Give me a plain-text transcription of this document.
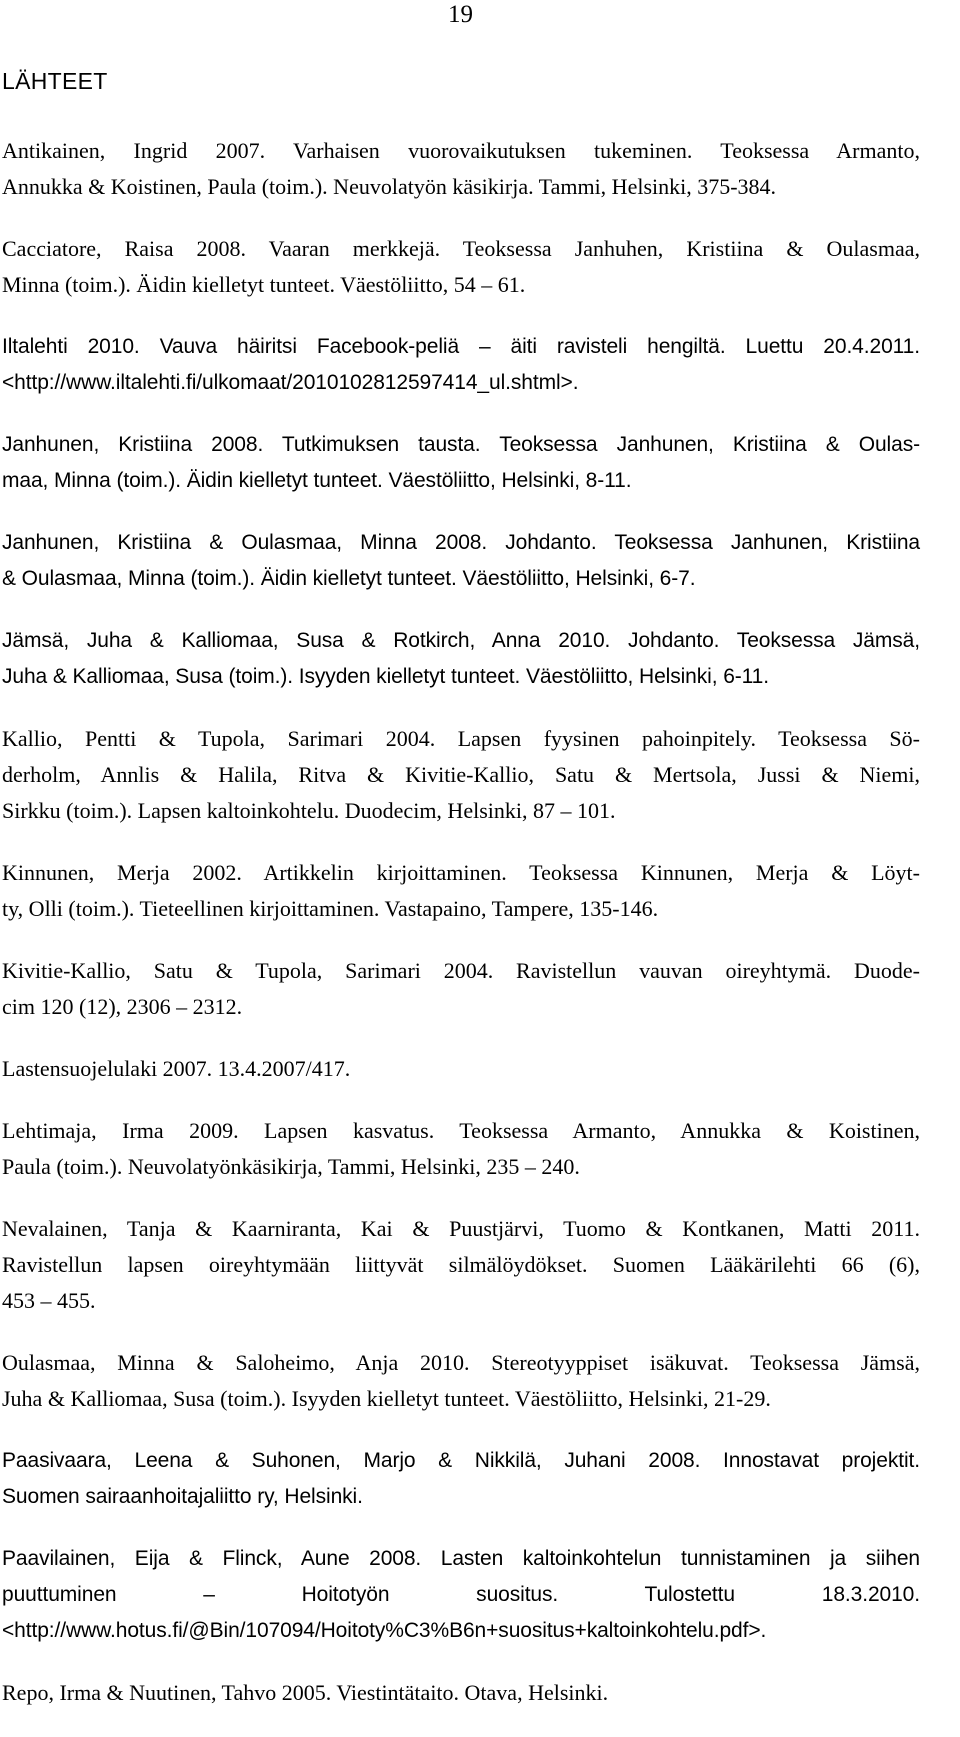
19
LÄHTEET
Antikainen, Ingrid 2007. Varhaisen vuorovaikutuksen tukeminen. Teoksessa Armanto,
Annukka & Koistinen, Paula (toim.). Neuvolatyön käsikirja. Tammi, Helsinki, 375-384.
Cacciatore, Raisa 2008. Vaaran merkkejä. Teoksessa Janhuhen, Kristiina & Oulasmaa,
Minna (toim.). Äidin kielletyt tunteet. Väestöliitto, 54 – 61.
Iltalehti 2010. Vauva häiritsi Facebook-peliä – äiti ravisteli hengiltä. Luettu 20.4.2011.
<http://www.iltalehti.fi/ulkomaat/2010102812597414_ul.shtml>.
Janhunen, Kristiina 2008. Tutkimuksen tausta. Teoksessa Janhunen, Kristiina & Oulas-
maa, Minna (toim.). Äidin kielletyt tunteet. Väestöliitto, Helsinki, 8-11.
Janhunen, Kristiina & Oulasmaa, Minna 2008. Johdanto. Teoksessa Janhunen, Kristiina
& Oulasmaa, Minna (toim.). Äidin kielletyt tunteet. Väestöliitto, Helsinki, 6-7.
Jämsä, Juha & Kalliomaa, Susa & Rotkirch, Anna 2010. Johdanto. Teoksessa Jämsä,
Juha & Kalliomaa, Susa (toim.). Isyyden kielletyt tunteet. Väestöliitto, Helsinki, 6-11.
Kallio, Pentti & Tupola, Sarimari 2004. Lapsen fyysinen pahoinpitely. Teoksessa Sö-
derholm, Annlis & Halila, Ritva & Kivitie-Kallio, Satu & Mertsola, Jussi & Niemi,
Sirkku (toim.). Lapsen kaltoinkohtelu. Duodecim, Helsinki, 87 – 101.
Kinnunen, Merja 2002. Artikkelin kirjoittaminen. Teoksessa Kinnunen, Merja & Löyt-
ty, Olli (toim.). Tieteellinen kirjoittaminen. Vastapaino, Tampere, 135-146.
Kivitie-Kallio, Satu & Tupola, Sarimari 2004. Ravistellun vauvan oireyhtymä. Duode-
cim 120 (12), 2306 – 2312.
Lastensuojelulaki 2007. 13.4.2007/417.
Lehtimaja, Irma 2009. Lapsen kasvatus. Teoksessa Armanto, Annukka & Koistinen,
Paula (toim.). Neuvolatyönkäsikirja, Tammi, Helsinki, 235 – 240.
Nevalainen, Tanja & Kaarniranta, Kai & Puustjärvi, Tuomo & Kontkanen, Matti 2011.
Ravistellun lapsen oireyhtymään liittyvät silmälöydökset. Suomen Lääkärilehti 66 (6),
453 – 455.
Oulasmaa, Minna & Saloheimo, Anja 2010. Stereotyyppiset isäkuvat. Teoksessa Jämsä,
Juha & Kalliomaa, Susa (toim.). Isyyden kielletyt tunteet. Väestöliitto, Helsinki, 21-29.
Paasivaara, Leena & Suhonen, Marjo & Nikkilä, Juhani 2008. Innostavat projektit.
Suomen sairaanhoitajaliitto ry, Helsinki.
Paavilainen, Eija & Flinck, Aune 2008. Lasten kaltoinkohtelun tunnistaminen ja siihen
puuttuminen – Hoitotyön suositus. Tulostettu 18.3.2010.
<http://www.hotus.fi/@Bin/107094/Hoitoty%C3%B6n+suositus+kaltoinkohtelu.pdf>.
Repo, Irma & Nuutinen, Tahvo 2005. Viestintätaito. Otava, Helsinki.
